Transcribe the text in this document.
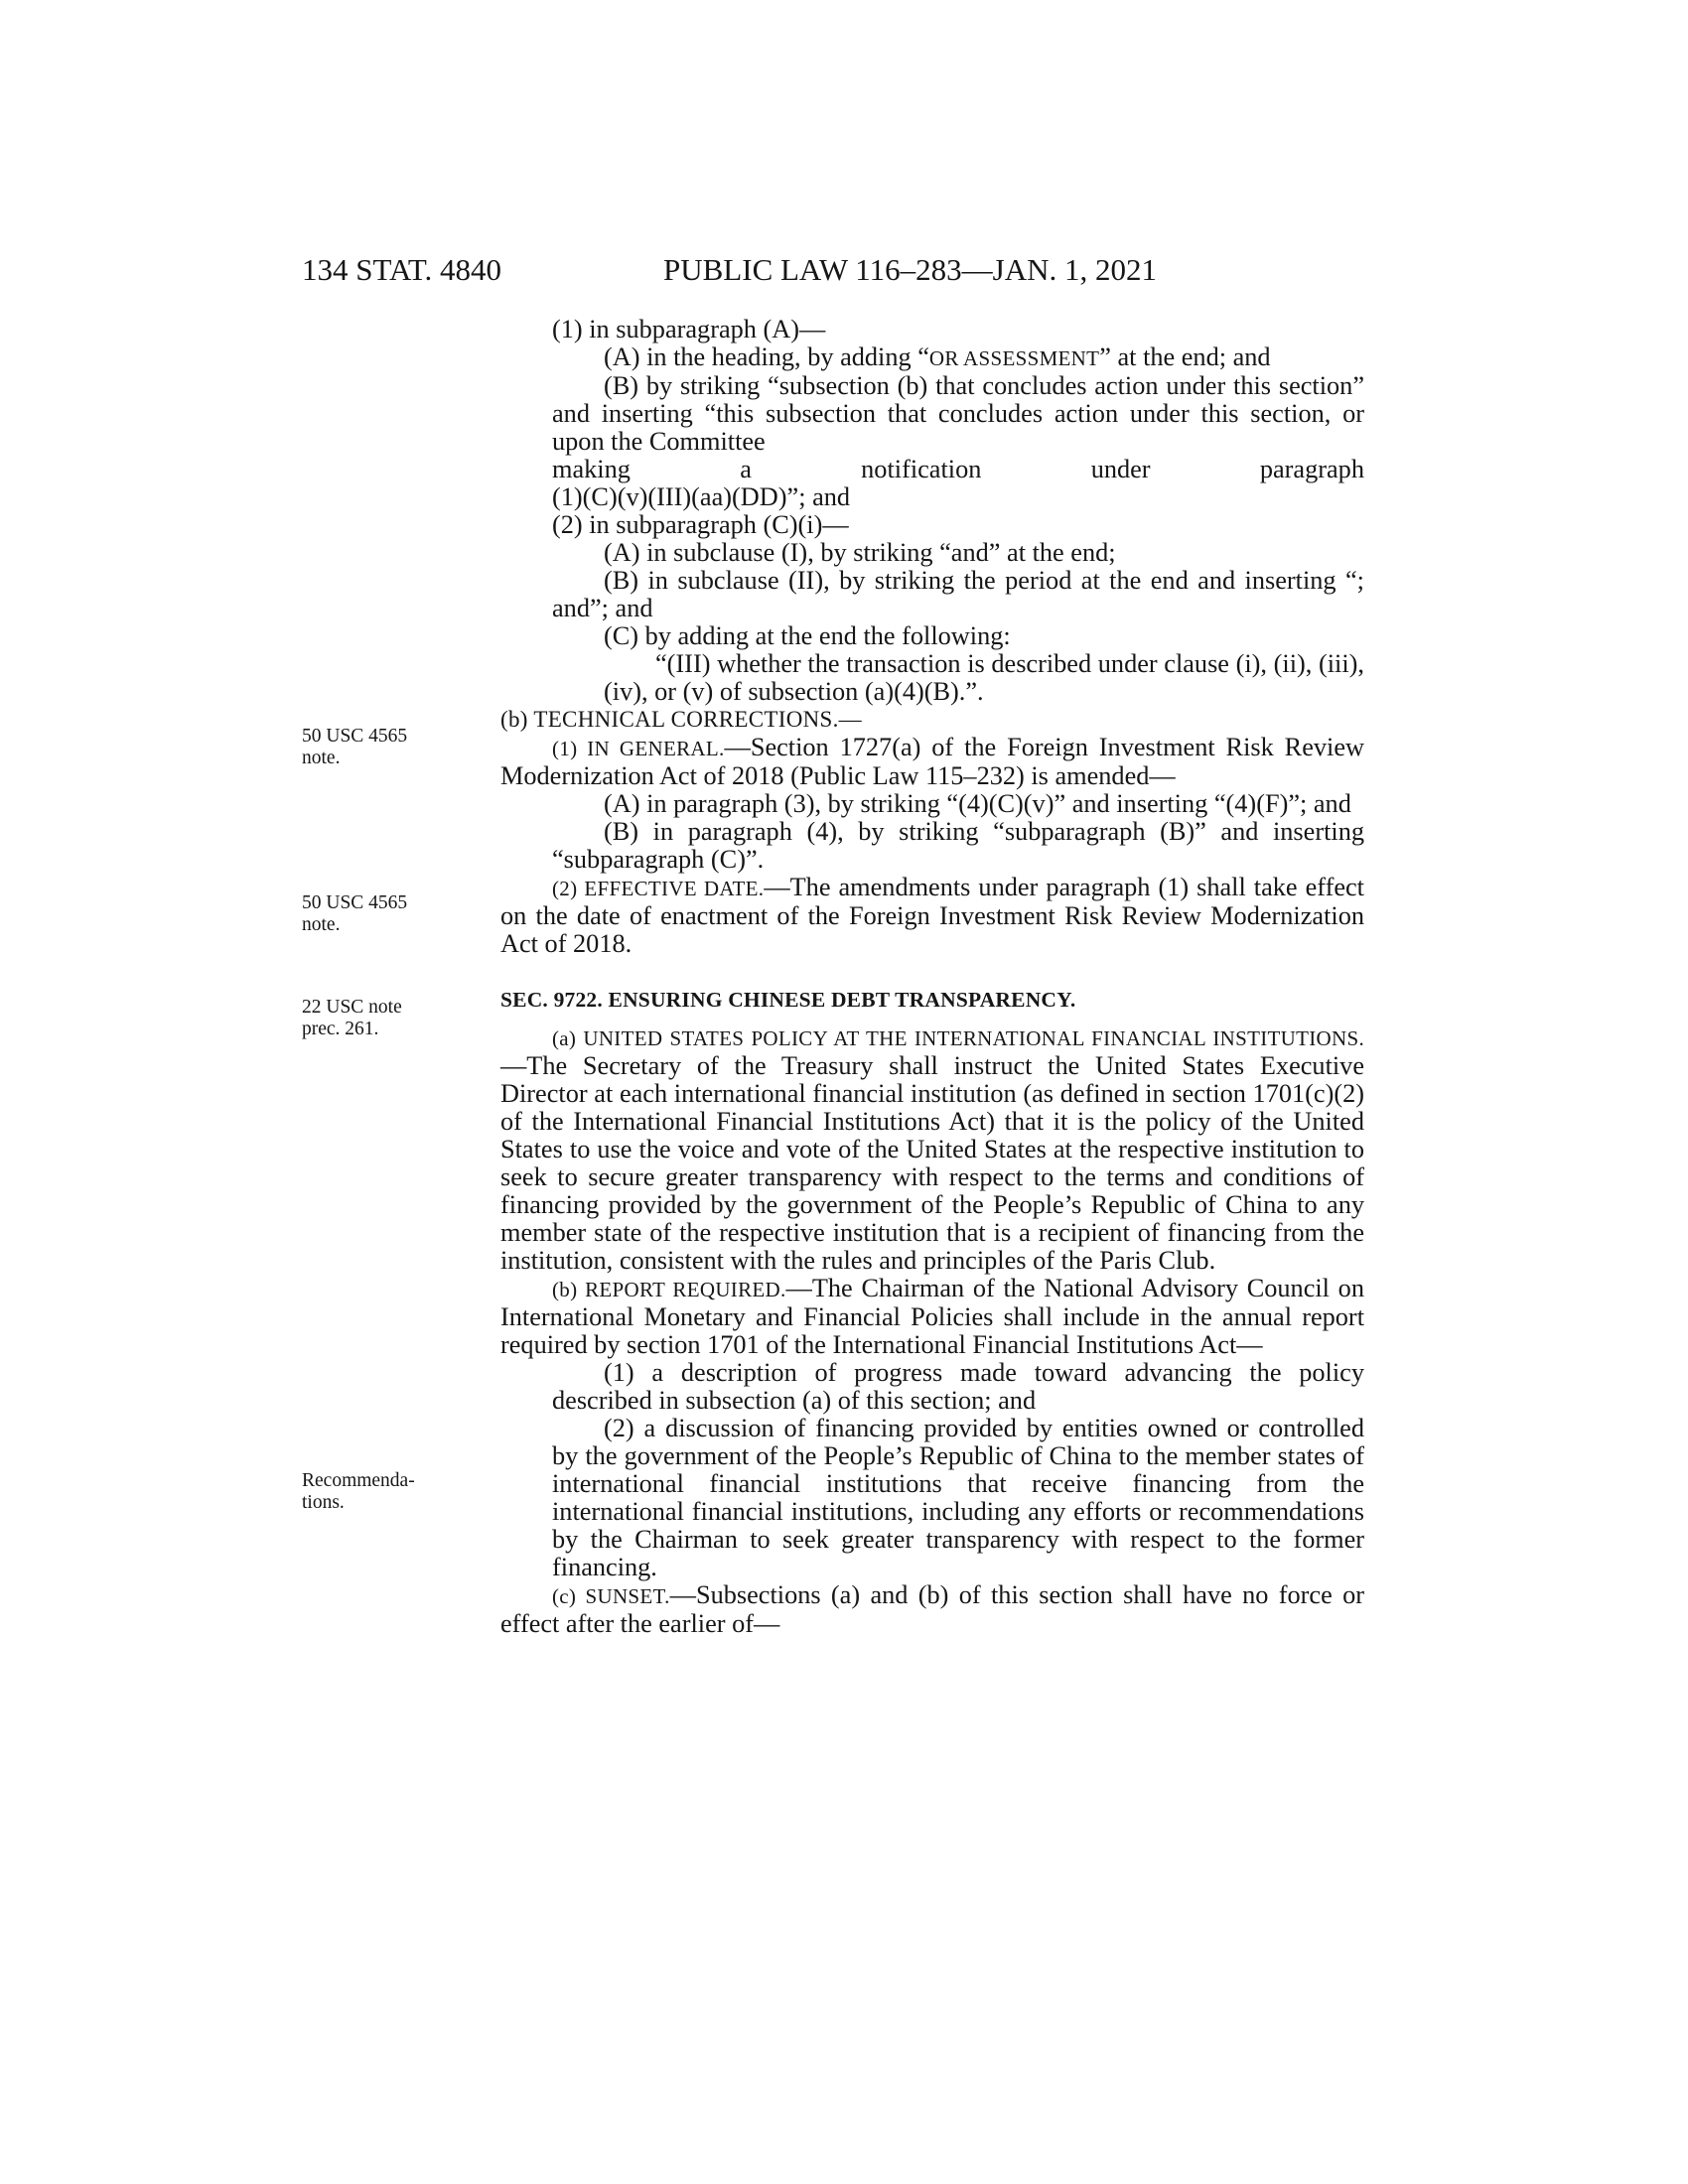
134 STAT. 4840	PUBLIC LAW 116–283—JAN. 1, 2021
50 USC 4565
note.
50 USC 4565
note.
22 USC note
prec. 261.
Recommenda-
tions.

(1) in subparagraph (A)—

(A) in the heading, by adding “OR ASSESSMENT” at the end; and

(B) by striking “subsection (b) that concludes action under this section” and inserting “this subsection that concludes action under this section, or upon the Committee

making	a	notification	under	paragraph

(1)(C)(v)(III)(aa)(DD)”; and

(2) in subparagraph (C)(i)—

(A) in subclause (I), by striking “and” at the end;

(B) in subclause (II), by striking the period at the end and inserting “; and”; and

(C) by adding at the end the following:

“(III) whether the transaction is described under clause (i), (ii), (iii), (iv), or (v) of subsection (a)(4)(B).”.

(b) TECHNICAL CORRECTIONS.—

(1) IN GENERAL.—Section 1727(a) of the Foreign Investment Risk Review Modernization Act of 2018 (Public Law 115–232) is amended—

(A) in paragraph (3), by striking “(4)(C)(v)” and inserting “(4)(F)”; and

(B) in paragraph (4), by striking “subparagraph (B)” and inserting “subparagraph (C)”.

(2) EFFECTIVE DATE.—The amendments under paragraph (1) shall take effect on the date of enactment of the Foreign Investment Risk Review Modernization Act of 2018.

SEC. 9722. ENSURING CHINESE DEBT TRANSPARENCY.

(a) UNITED STATES POLICY AT THE INTERNATIONAL FINANCIAL INSTITUTIONS.—The Secretary of the Treasury shall instruct the United States Executive Director at each international financial institution (as defined in section 1701(c)(2) of the International Financial Institutions Act) that it is the policy of the United States to use the voice and vote of the United States at the respective institution to seek to secure greater transparency with respect to the terms and conditions of financing provided by the government of the People’s Republic of China to any member state of the respective institution that is a recipient of financing from the institution, consistent with the rules and principles of the Paris Club.

(b) REPORT REQUIRED.—The Chairman of the National Advisory Council on International Monetary and Financial Policies shall include in the annual report required by section 1701 of the International Financial Institutions Act—

(1) a description of progress made toward advancing the policy described in subsection (a) of this section; and

(2) a discussion of financing provided by entities owned or controlled by the government of the People’s Republic of China to the member states of international financial institutions that receive financing from the international financial institutions, including any efforts or recommendations by the Chairman to seek greater transparency with respect to the former financing.

(c) SUNSET.—Subsections (a) and (b) of this section shall have no force or effect after the earlier of—
